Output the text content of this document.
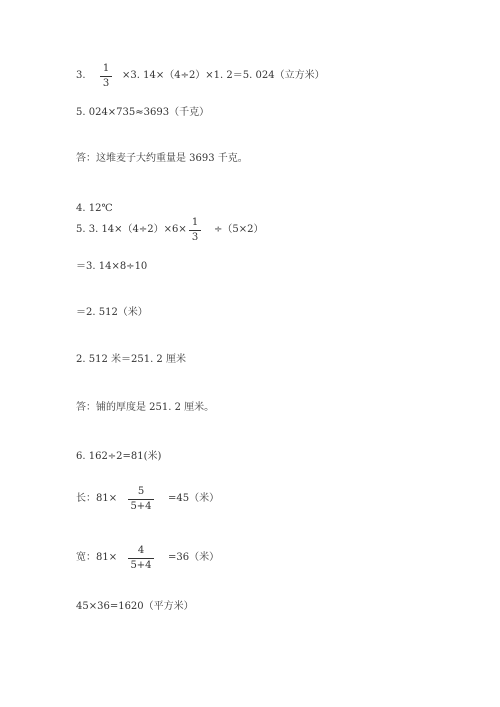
3.
1
3
×3. 14×（4÷2）×1. 2＝5. 024（立方米）
5. 024×735≈3693（千克）
答：这堆麦子大约重量是 3693 千克。
4. 12℃
5. 3. 14×（4÷2）×6×
1
3
÷（5×2）
＝3. 14×8÷10
＝2. 512（米）
2. 512 米＝251. 2 厘米
答：铺的厚度是 251. 2 厘米。
6. 162÷2=81(米)
长：81×
5
5+4
=45（米）
宽：81×
4
5+4
=36（米）
45×36=1620（平方米）
